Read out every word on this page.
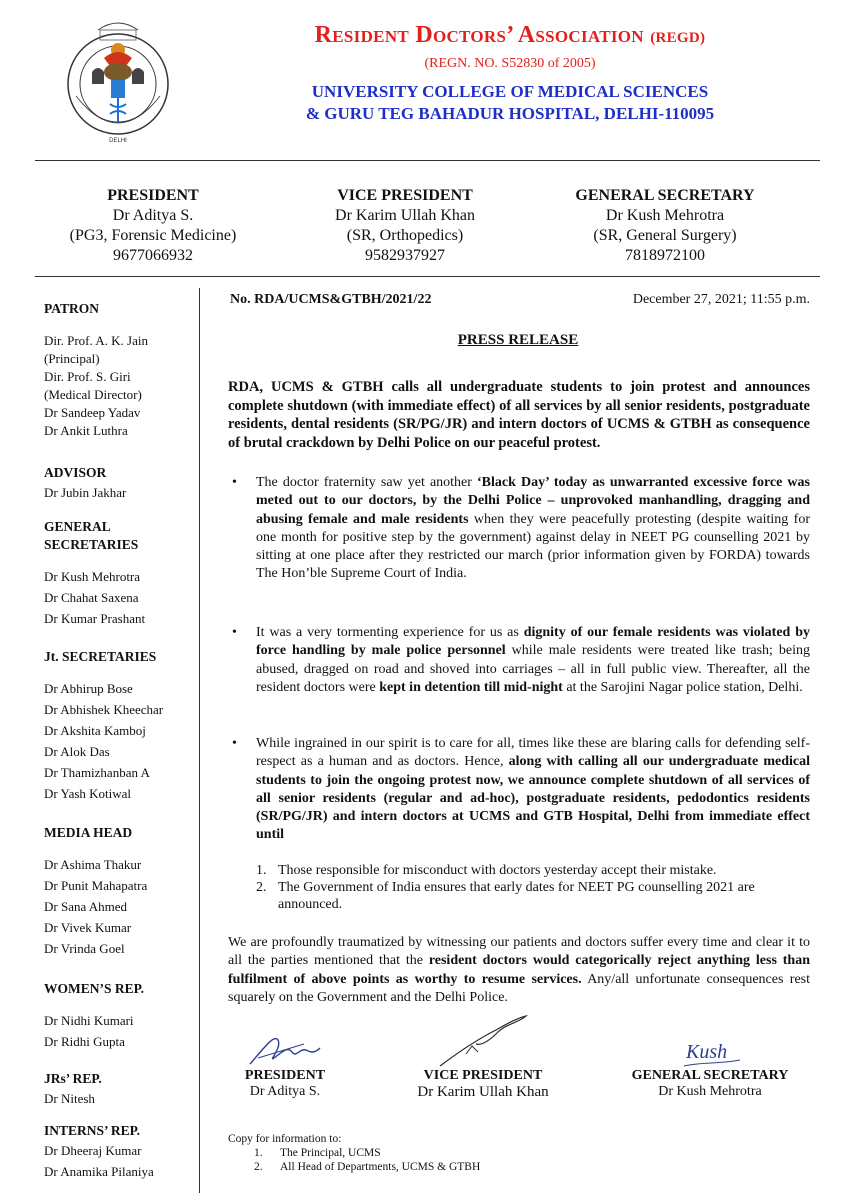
DELHI
Resident Doctors’ Association (REGD)
(REGN. NO. S52830 of 2005)
UNIVERSITY COLLEGE OF MEDICAL SCIENCES
& GURU TEG BAHADUR HOSPITAL, DELHI-110095
PRESIDENT
Dr Aditya S.
(PG3, Forensic Medicine)
9677066932
VICE PRESIDENT
Dr Karim Ullah Khan
(SR, Orthopedics)
9582937927
GENERAL SECRETARY
Dr Kush Mehrotra
(SR, General Surgery)
7818972100
PATRON
Dir. Prof. A. K. Jain
(Principal)
Dir. Prof. S. Giri
(Medical Director)
Dr Sandeep Yadav
Dr Ankit Luthra
ADVISOR
Dr Jubin Jakhar
GENERAL
SECRETARIES
Dr Kush Mehrotra
Dr Chahat Saxena
Dr Kumar Prashant
Jt. SECRETARIES
Dr Abhirup Bose
Dr Abhishek Kheechar
Dr Akshita Kamboj
Dr Alok Das
Dr Thamizhanban A
Dr Yash Kotiwal
MEDIA HEAD
Dr Ashima Thakur
Dr Punit Mahapatra
Dr Sana Ahmed
Dr Vivek Kumar
Dr Vrinda Goel
WOMEN’S REP.
Dr Nidhi Kumari
Dr Ridhi Gupta
JRs’ REP.
Dr Nitesh
INTERNS’ REP.
Dr Dheeraj Kumar
Dr Anamika Pilaniya
No. RDA/UCMS&GTBH/2021/22	December 27, 2021; 11:55 p.m.
PRESS RELEASE
RDA, UCMS & GTBH calls all undergraduate students to join protest and announces complete shutdown (with immediate effect) of all services by all senior residents, postgraduate residents, dental residents (SR/PG/JR) and intern doctors of UCMS & GTBH as consequence of brutal crackdown by Delhi Police on our peaceful protest.
• The doctor fraternity saw yet another ‘Black Day’ today as unwarranted excessive force was meted out to our doctors, by the Delhi Police – unprovoked manhandling, dragging and abusing female and male residents when they were peacefully protesting (despite waiting for one month for positive step by the government) against delay in NEET PG counselling 2021 by sitting at one place after they restricted our march (prior information given by FORDA) towards The Hon’ble Supreme Court of India.
• It was a very tormenting experience for us as dignity of our female residents was violated by force handling by male police personnel while male residents were treated like trash; being abused, dragged on road and shoved into carriages – all in full public view. Thereafter, all the resident doctors were kept in detention till mid-night at the Sarojini Nagar police station, Delhi.
• While ingrained in our spirit is to care for all, times like these are blaring calls for defending self-respect as a human and as doctors. Hence, along with calling all our undergraduate medical students to join the ongoing protest now, we announce complete shutdown of all services of all senior residents (regular and ad-hoc), postgraduate residents, pedodontics residents (SR/PG/JR) and intern doctors at UCMS and GTB Hospital, Delhi from immediate effect until
1. Those responsible for misconduct with doctors yesterday accept their mistake.
2. The Government of India ensures that early dates for NEET PG counselling 2021 are announced.
We are profoundly traumatized by witnessing our patients and doctors suffer every time and clear it to all the parties mentioned that the resident doctors would categorically reject anything less than fulfilment of above points as worthy to resume services. Any/all unfortunate consequences rest squarely on the Government and the Delhi Police.
Kush
PRESIDENT
Dr Aditya S.
VICE PRESIDENT
Dr Karim Ullah Khan
GENERAL SECRETARY
Dr Kush Mehrotra
Copy for information to:
1. The Principal, UCMS
2. All Head of Departments, UCMS & GTBH
